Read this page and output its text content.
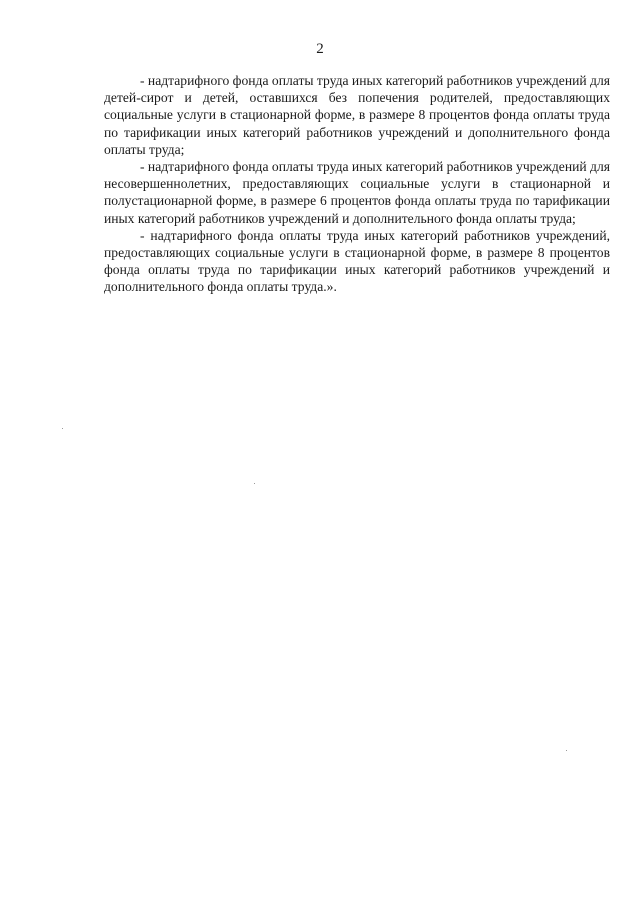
2

- надтарифного фонда оплаты труда иных категорий работников учреждений для детей-сирот и детей, оставшихся без попечения родителей, предоставляющих социальные услуги в стационарной форме, в размере 8 процентов фонда оплаты труда по тарификации иных категорий работников учреждений и дополнительного фонда оплаты труда;

- надтарифного фонда оплаты труда иных категорий работников учреждений для несовершеннолетних, предоставляющих социальные услуги в стационарной и полустационарной форме, в размере 6 процентов фонда оплаты труда по тарификации иных категорий работников учреждений и дополнительного фонда оплаты труда;

- надтарифного фонда оплаты труда иных категорий работников учреждений, предоставляющих социальные услуги в стационарной форме, в размере 8 процентов фонда оплаты труда по тарификации иных категорий работников учреждений и дополнительного фонда оплаты труда.».
